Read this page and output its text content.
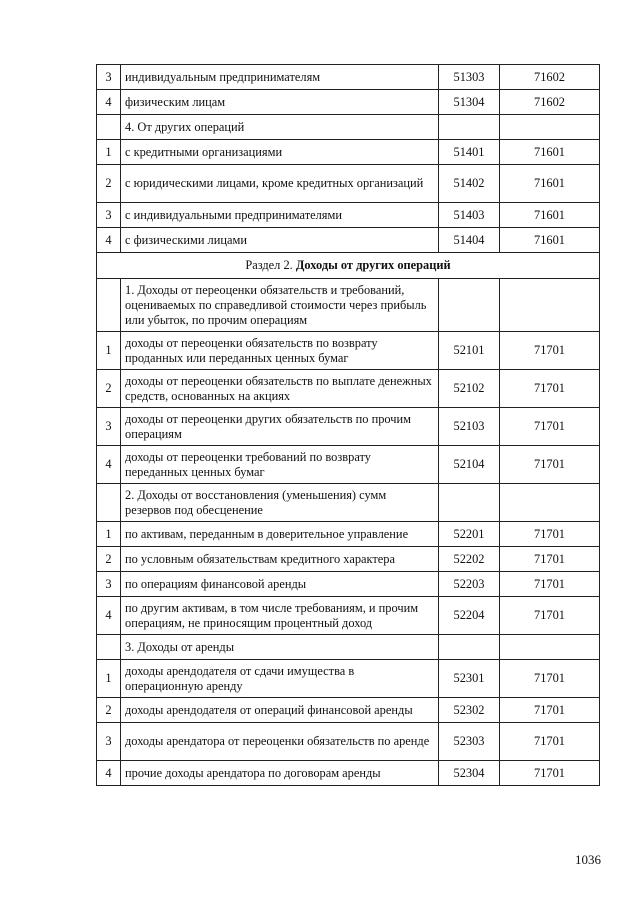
3	индивидуальным предпринимателям	51303	71602
4	физическим лицам	51304	71602
	4. От других операций		
1	с кредитными организациями	51401	71601
2	с юридическими лицами, кроме кредитных организаций	51402	71601
3	с индивидуальными предпринимателями	51403	71601
4	с физическими лицами	51404	71601
Раздел 2. Доходы от других операций			
	1. Доходы от переоценки обязательств и требований, оцениваемых по справедливой стоимости через прибыль или убыток, по прочим операциям		
1	доходы от переоценки обязательств по возврату проданных или переданных ценных бумаг	52101	71701
2	доходы от переоценки обязательств по выплате денежных средств, основанных на акциях	52102	71701
3	доходы от переоценки других обязательств по прочим операциям	52103	71701
4	доходы от переоценки требований по возврату переданных ценных бумаг	52104	71701
	2. Доходы от восстановления (уменьшения) сумм резервов под обесценение		
1	по активам, переданным в доверительное управление	52201	71701
2	по условным обязательствам кредитного характера	52202	71701
3	по операциям финансовой аренды	52203	71701
4	по другим активам, в том числе требованиям, и прочим операциям, не приносящим процентный доход	52204	71701
	3. Доходы от аренды		
1	доходы арендодателя от сдачи имущества в операционную аренду	52301	71701
2	доходы арендодателя от операций финансовой аренды	52302	71701
3	доходы арендатора от переоценки обязательств по аренде	52303	71701
4	прочие доходы арендатора по договорам аренды	52304	71701
1036
